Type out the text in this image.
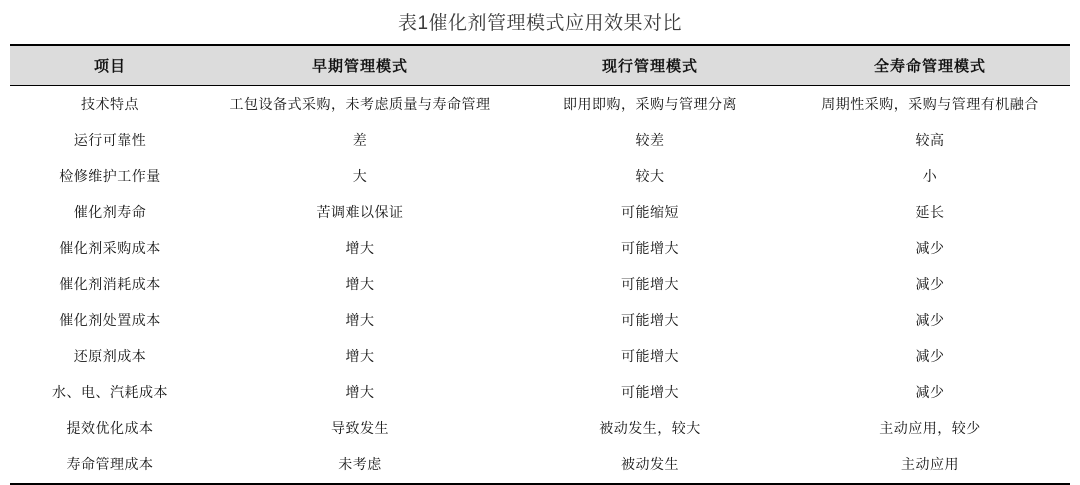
表1催化剂管理模式应用效果对比
项目	早期管理模式	现行管理模式	全寿命管理模式
技术特点	工包设备式采购，未考虑质量与寿命管理	即用即购，采购与管理分离	周期性采购，采购与管理有机融合
运行可靠性	差	较差	较高
检修维护工作量	大	较大	小
催化剂寿命	苦调难以保证	可能缩短	延长
催化剂采购成本	增大	可能增大	减少
催化剂消耗成本	增大	可能增大	减少
催化剂处置成本	增大	可能增大	减少
还原剂成本	增大	可能增大	减少
水、电、汽耗成本	增大	可能增大	减少
提效优化成本	导致发生	被动发生，较大	主动应用，较少
寿命管理成本	未考虑	被动发生	主动应用
